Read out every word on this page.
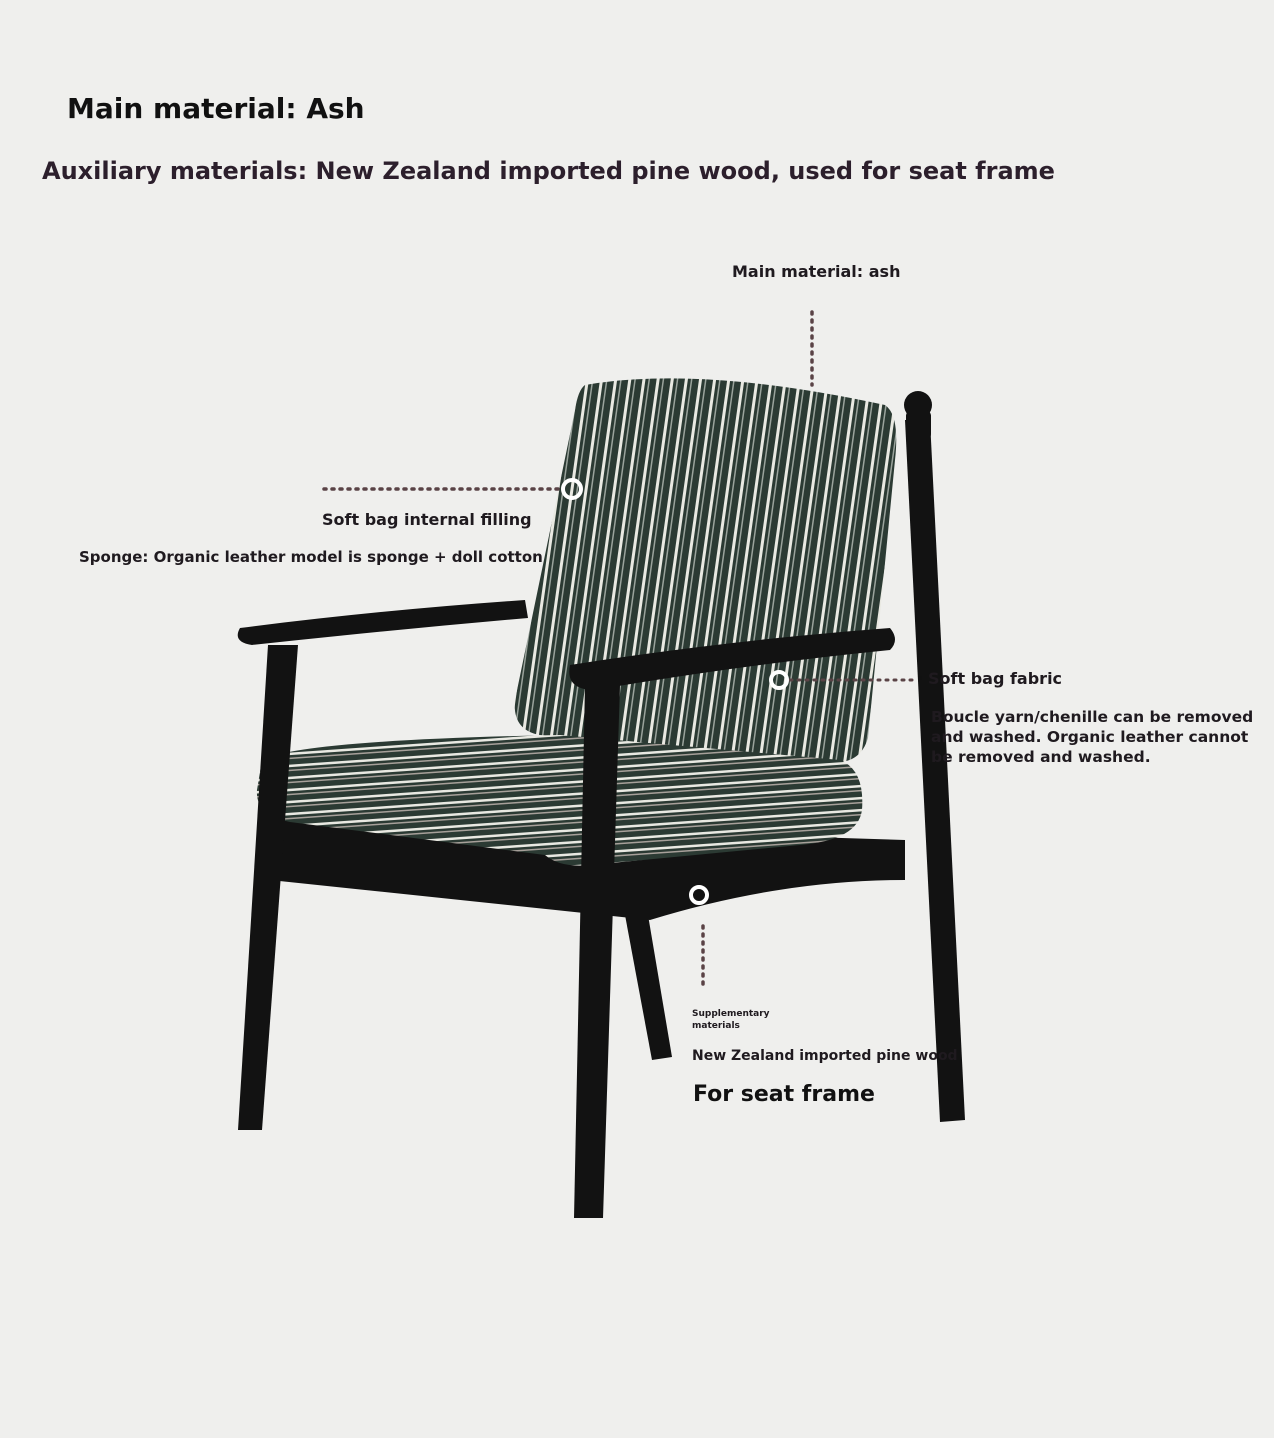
Main material: Ash
Auxiliary materials: New Zealand imported pine wood, used for seat frame
Main material: ash
Soft bag internal filling
Sponge: Organic leather model is sponge + doll cotton
Soft bag fabric
Boucle yarn/chenille can be removed
and washed. Organic leather cannot
be removed and washed.
Supplementary
materials
New Zealand imported pine wood
For seat frame
